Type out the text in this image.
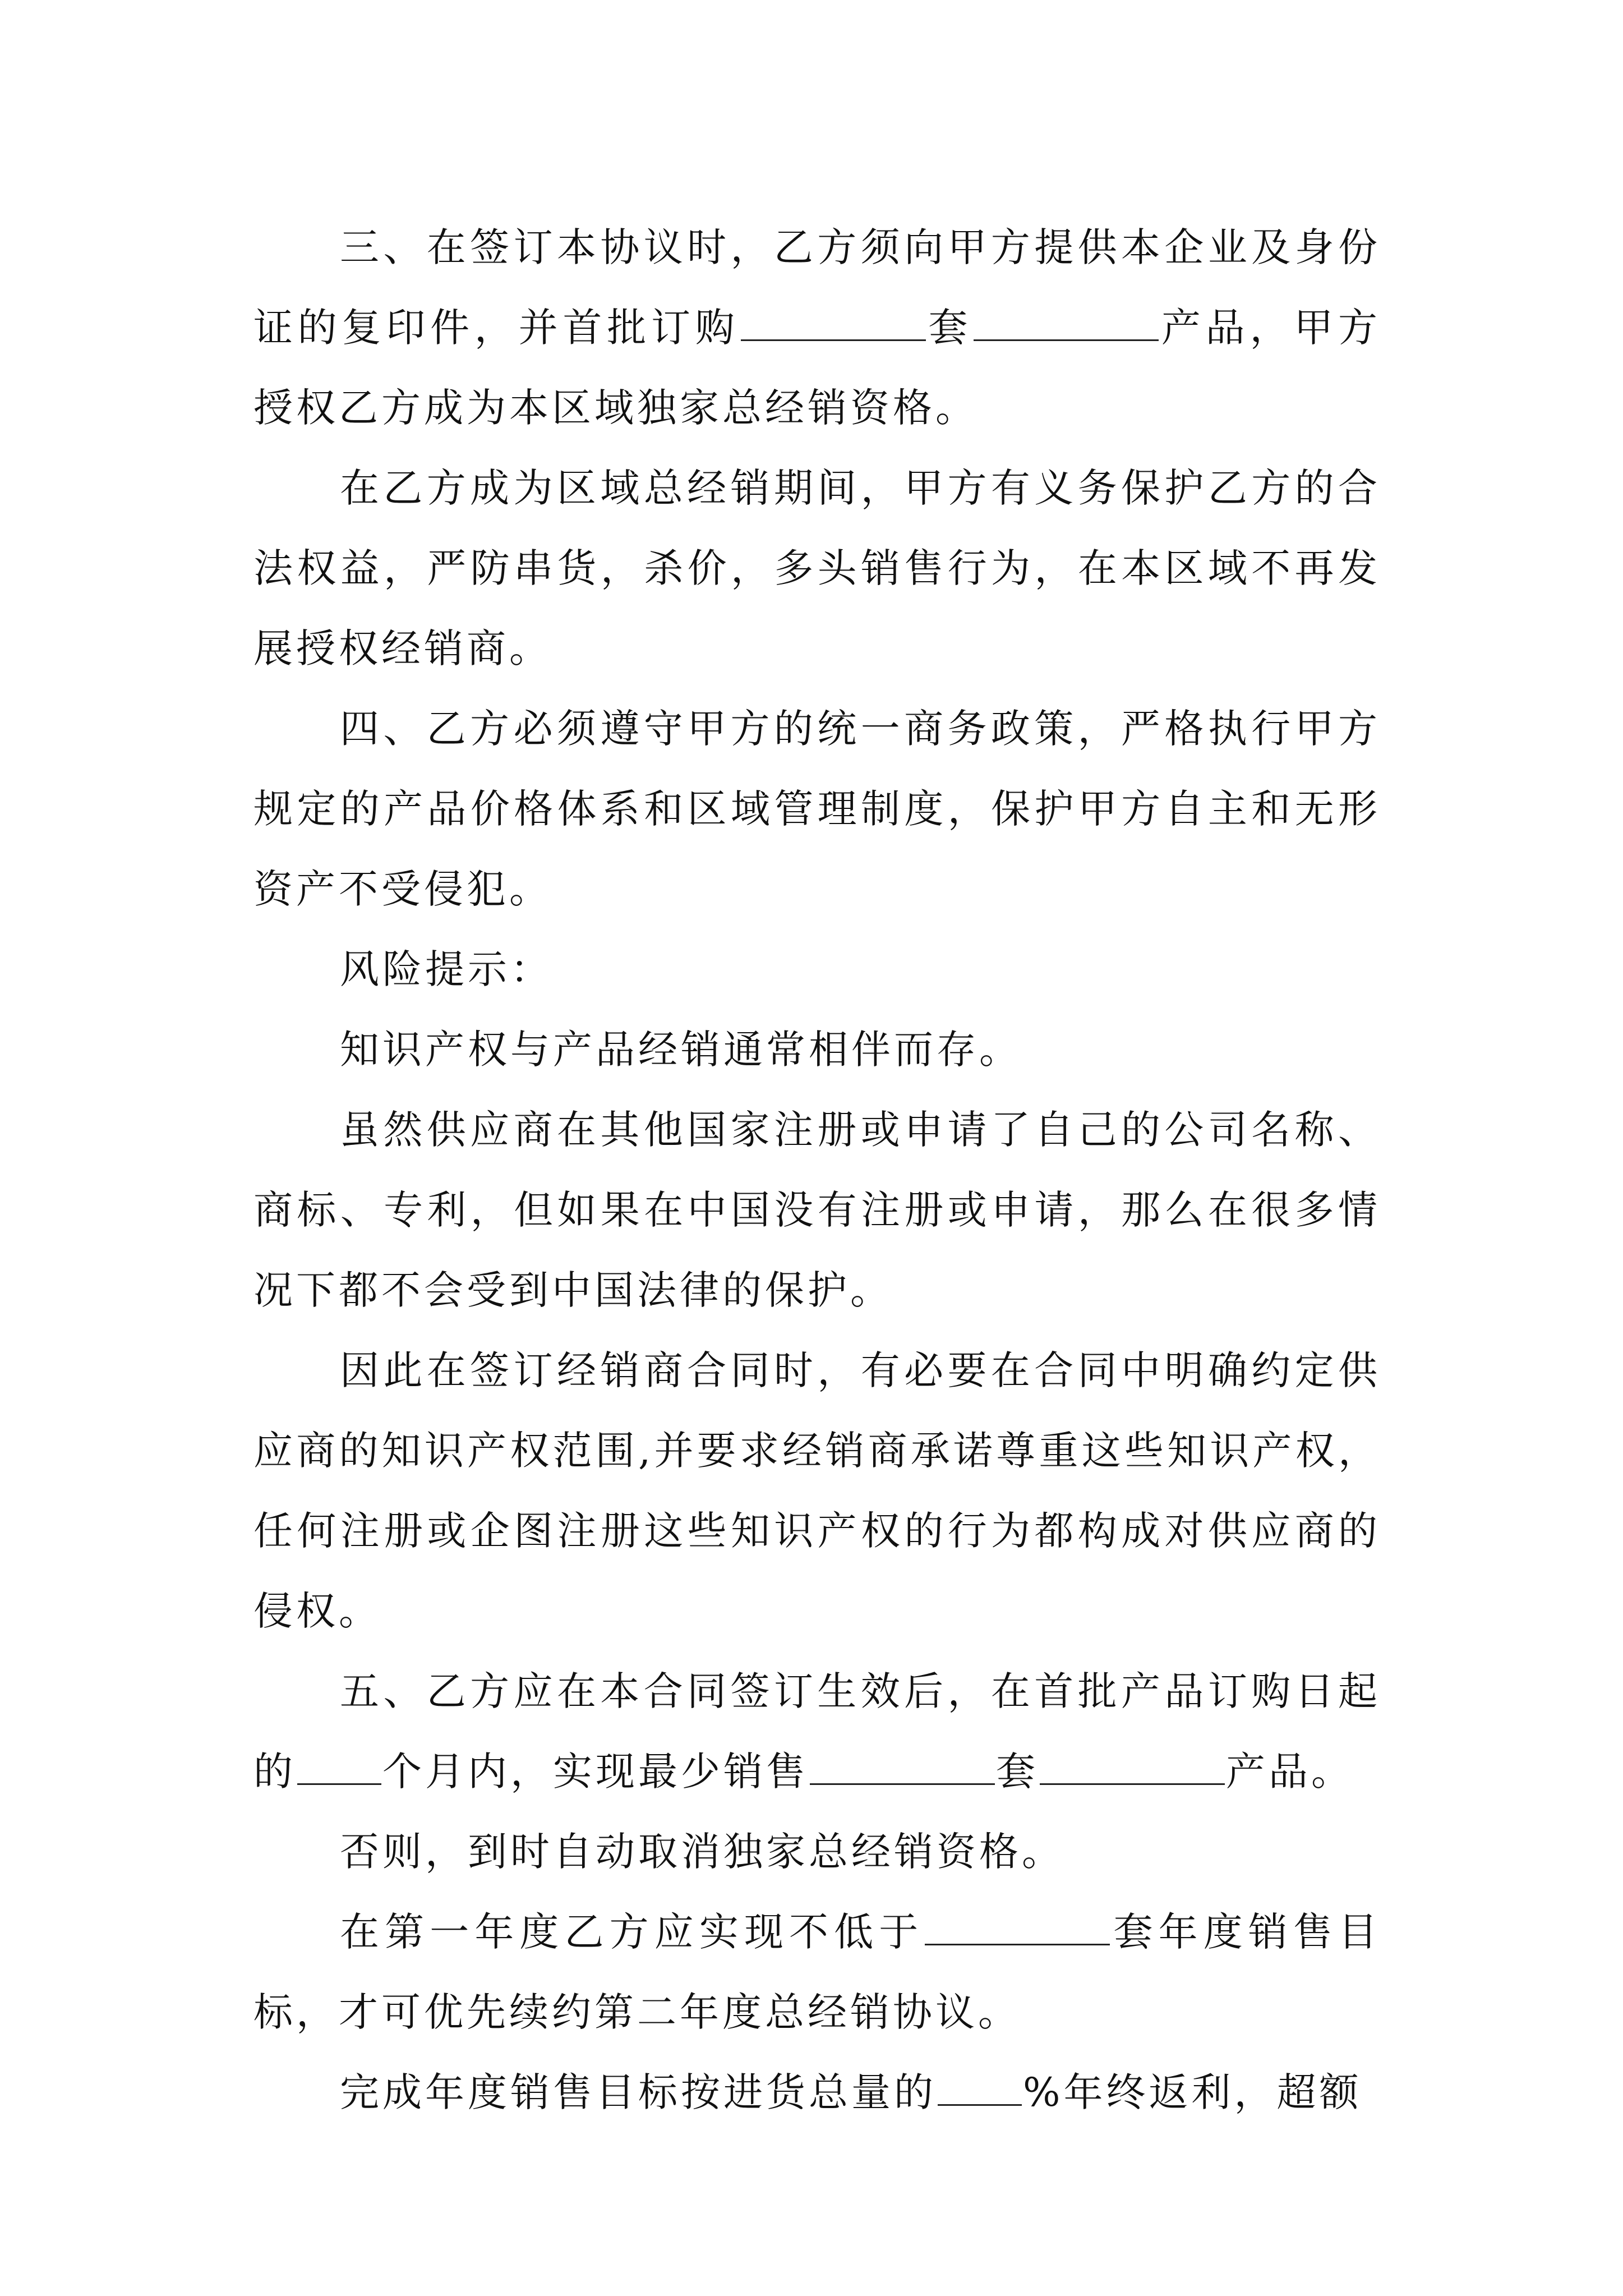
三、在签订本协议时，乙方须向甲方提供本企业及身份证的复印件，并首批订购	套	产品，甲方授权乙方成为本区域独家总经销资格。

在乙方成为区域总经销期间，甲方有义务保护乙方的合法权益，严防串货，杀价，多头销售行为，在本区域不再发展授权经销商。

四、乙方必须遵守甲方的统一商务政策，严格执行甲方规定的产品价格体系和区域管理制度，保护甲方自主和无形资产不受侵犯。

风险提示：

知识产权与产品经销通常相伴而存。

虽然供应商在其他国家注册或申请了自己的公司名称、商标、专利，但如果在中国没有注册或申请，那么在很多情况下都不会受到中国法律的保护。

因此在签订经销商合同时，有必要在合同中明确约定供应商的知识产权范围,并要求经销商承诺尊重这些知识产权，任何注册或企图注册这些知识产权的行为都构成对供应商的侵权。

五、乙方应在本合同签订生效后，在首批产品订购日起的 个月内，实现最少销售	套	产品。

否则，到时自动取消独家总经销资格。

在第一年度乙方应实现不低于	套年度销售目标，才可优先续约第二年度总经销协议。

完成年度销售目标按进货总量的 %年终返利，超额
